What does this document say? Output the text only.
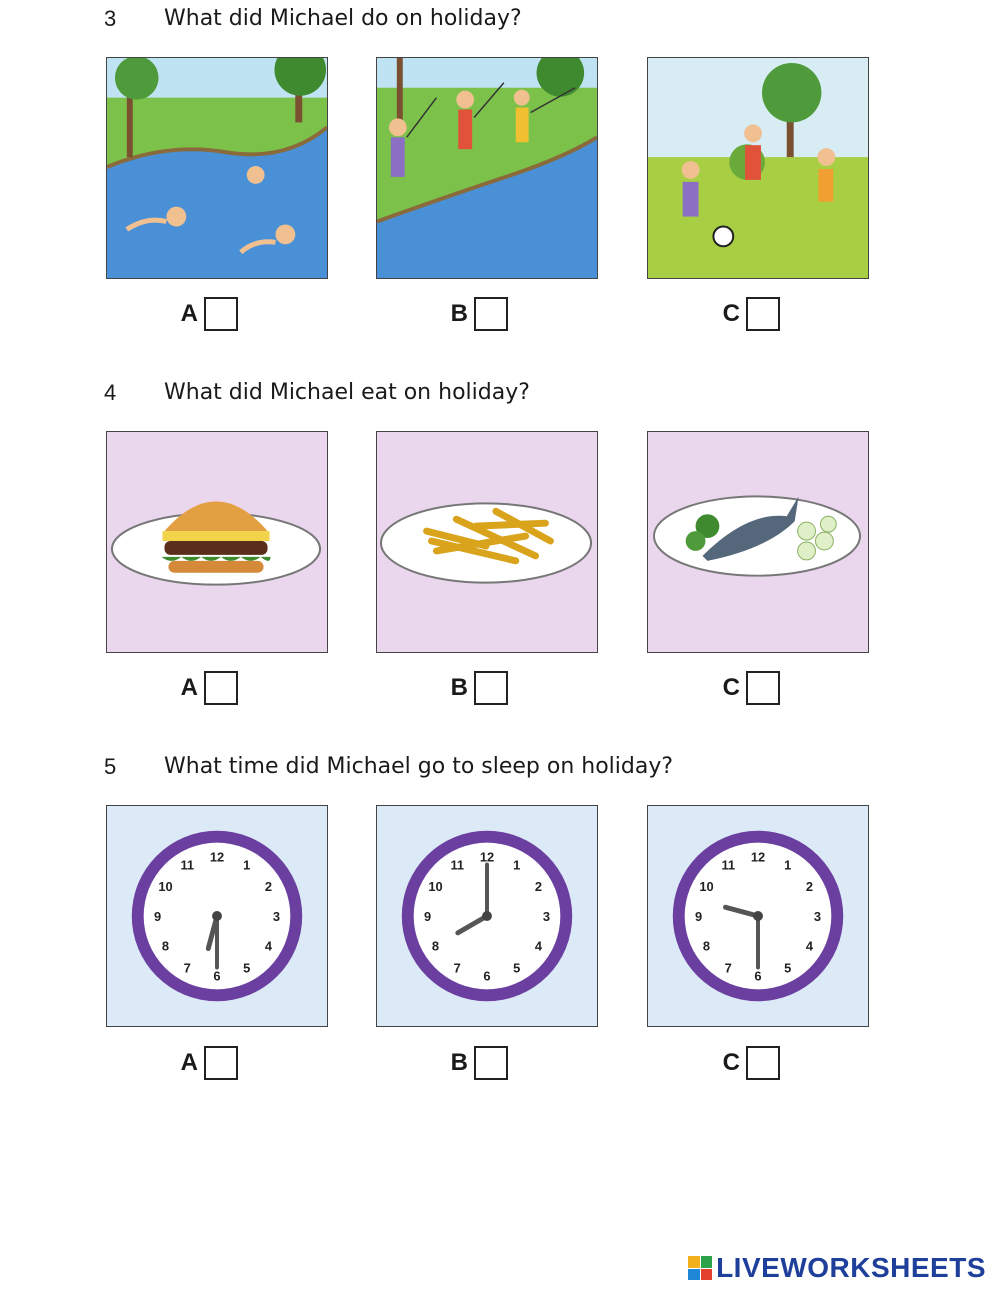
3 What did Michael do on holiday?
A	B	C
4 What did Michael eat on holiday?
A	B	C
5 What time did Michael go to sleep on holiday?
12
1
2
3
4
5
6
7
8
9
10
11
12
1
2
3
4
5
6
7
8
9
10
11
12
1
2
3
4
5
6
7
8
9
10
11
A	B	C
LIVEWORKSHEETS
